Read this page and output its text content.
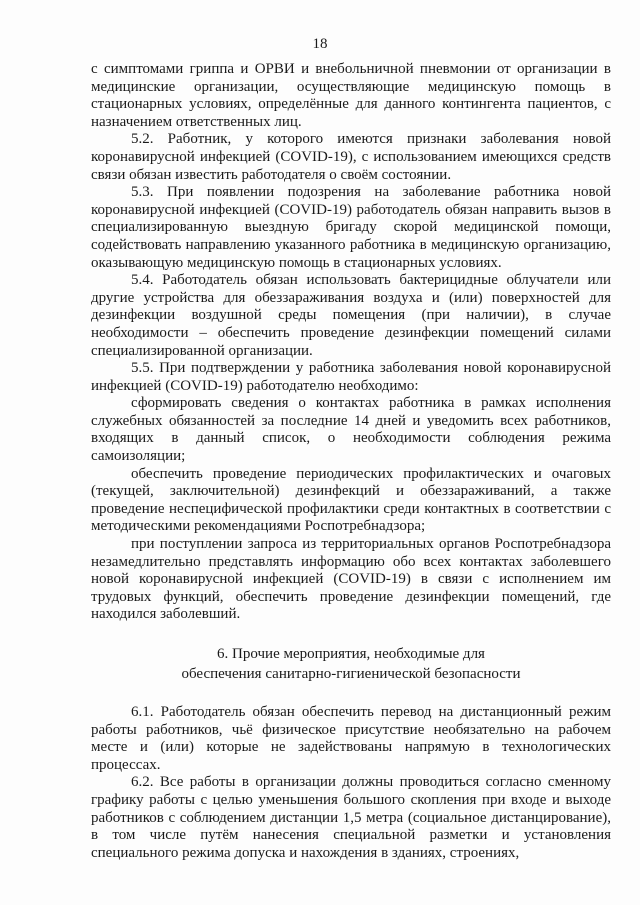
18

с симптомами гриппа и ОРВИ и внебольничной пневмонии от организации в медицинские организации, осуществляющие медицинскую помощь в стационарных условиях, определённые для данного контингента пациентов, с назначением ответственных лиц.

5.2. Работник, у которого имеются признаки заболевания новой коронавирусной инфекцией (COVID-19), с использованием имеющихся средств связи обязан известить работодателя о своём состоянии.

5.3. При появлении подозрения на заболевание работника новой коронавирусной инфекцией (COVID-19) работодатель обязан направить вызов в специализированную выездную бригаду скорой медицинской помощи, содействовать направлению указанного работника в медицинскую организацию, оказывающую медицинскую помощь в стационарных условиях.

5.4. Работодатель обязан использовать бактерицидные облучатели или другие устройства для обеззараживания воздуха и (или) поверхностей для дезинфекции воздушной среды помещения (при наличии), в случае необходимости – обеспечить проведение дезинфекции помещений силами специализированной организации.

5.5. При подтверждении у работника заболевания новой коронавирусной инфекцией (COVID-19) работодателю необходимо:

сформировать сведения о контактах работника в рамках исполнения служебных обязанностей за последние 14 дней и уведомить всех работников, входящих в данный список, о необходимости соблюдения режима самоизоляции;

обеспечить проведение периодических профилактических и очаговых (текущей, заключительной) дезинфекций и обеззараживаний, а также проведение неспецифической профилактики среди контактных в соответствии с методическими рекомендациями Роспотребнадзора;

при поступлении запроса из территориальных органов Роспотребнадзора незамедлительно представлять информацию обо всех контактах заболевшего новой коронавирусной инфекцией (COVID-19) в связи с исполнением им трудовых функций, обеспечить проведение дезинфекции помещений, где находился заболевший.

6. Прочие мероприятия, необходимые для
обеспечения санитарно-гигиенической безопасности

6.1. Работодатель обязан обеспечить перевод на дистанционный режим работы работников, чьё физическое присутствие необязательно на рабочем месте и (или) которые не задействованы напрямую в технологических процессах.

6.2. Все работы в организации должны проводиться согласно сменному графику работы с целью уменьшения большого скопления при входе и выходе работников с соблюдением дистанции 1,5 метра (социальное дистанцирование), в том числе путём нанесения специальной разметки и установления специального режима допуска и нахождения в зданиях, строениях,
